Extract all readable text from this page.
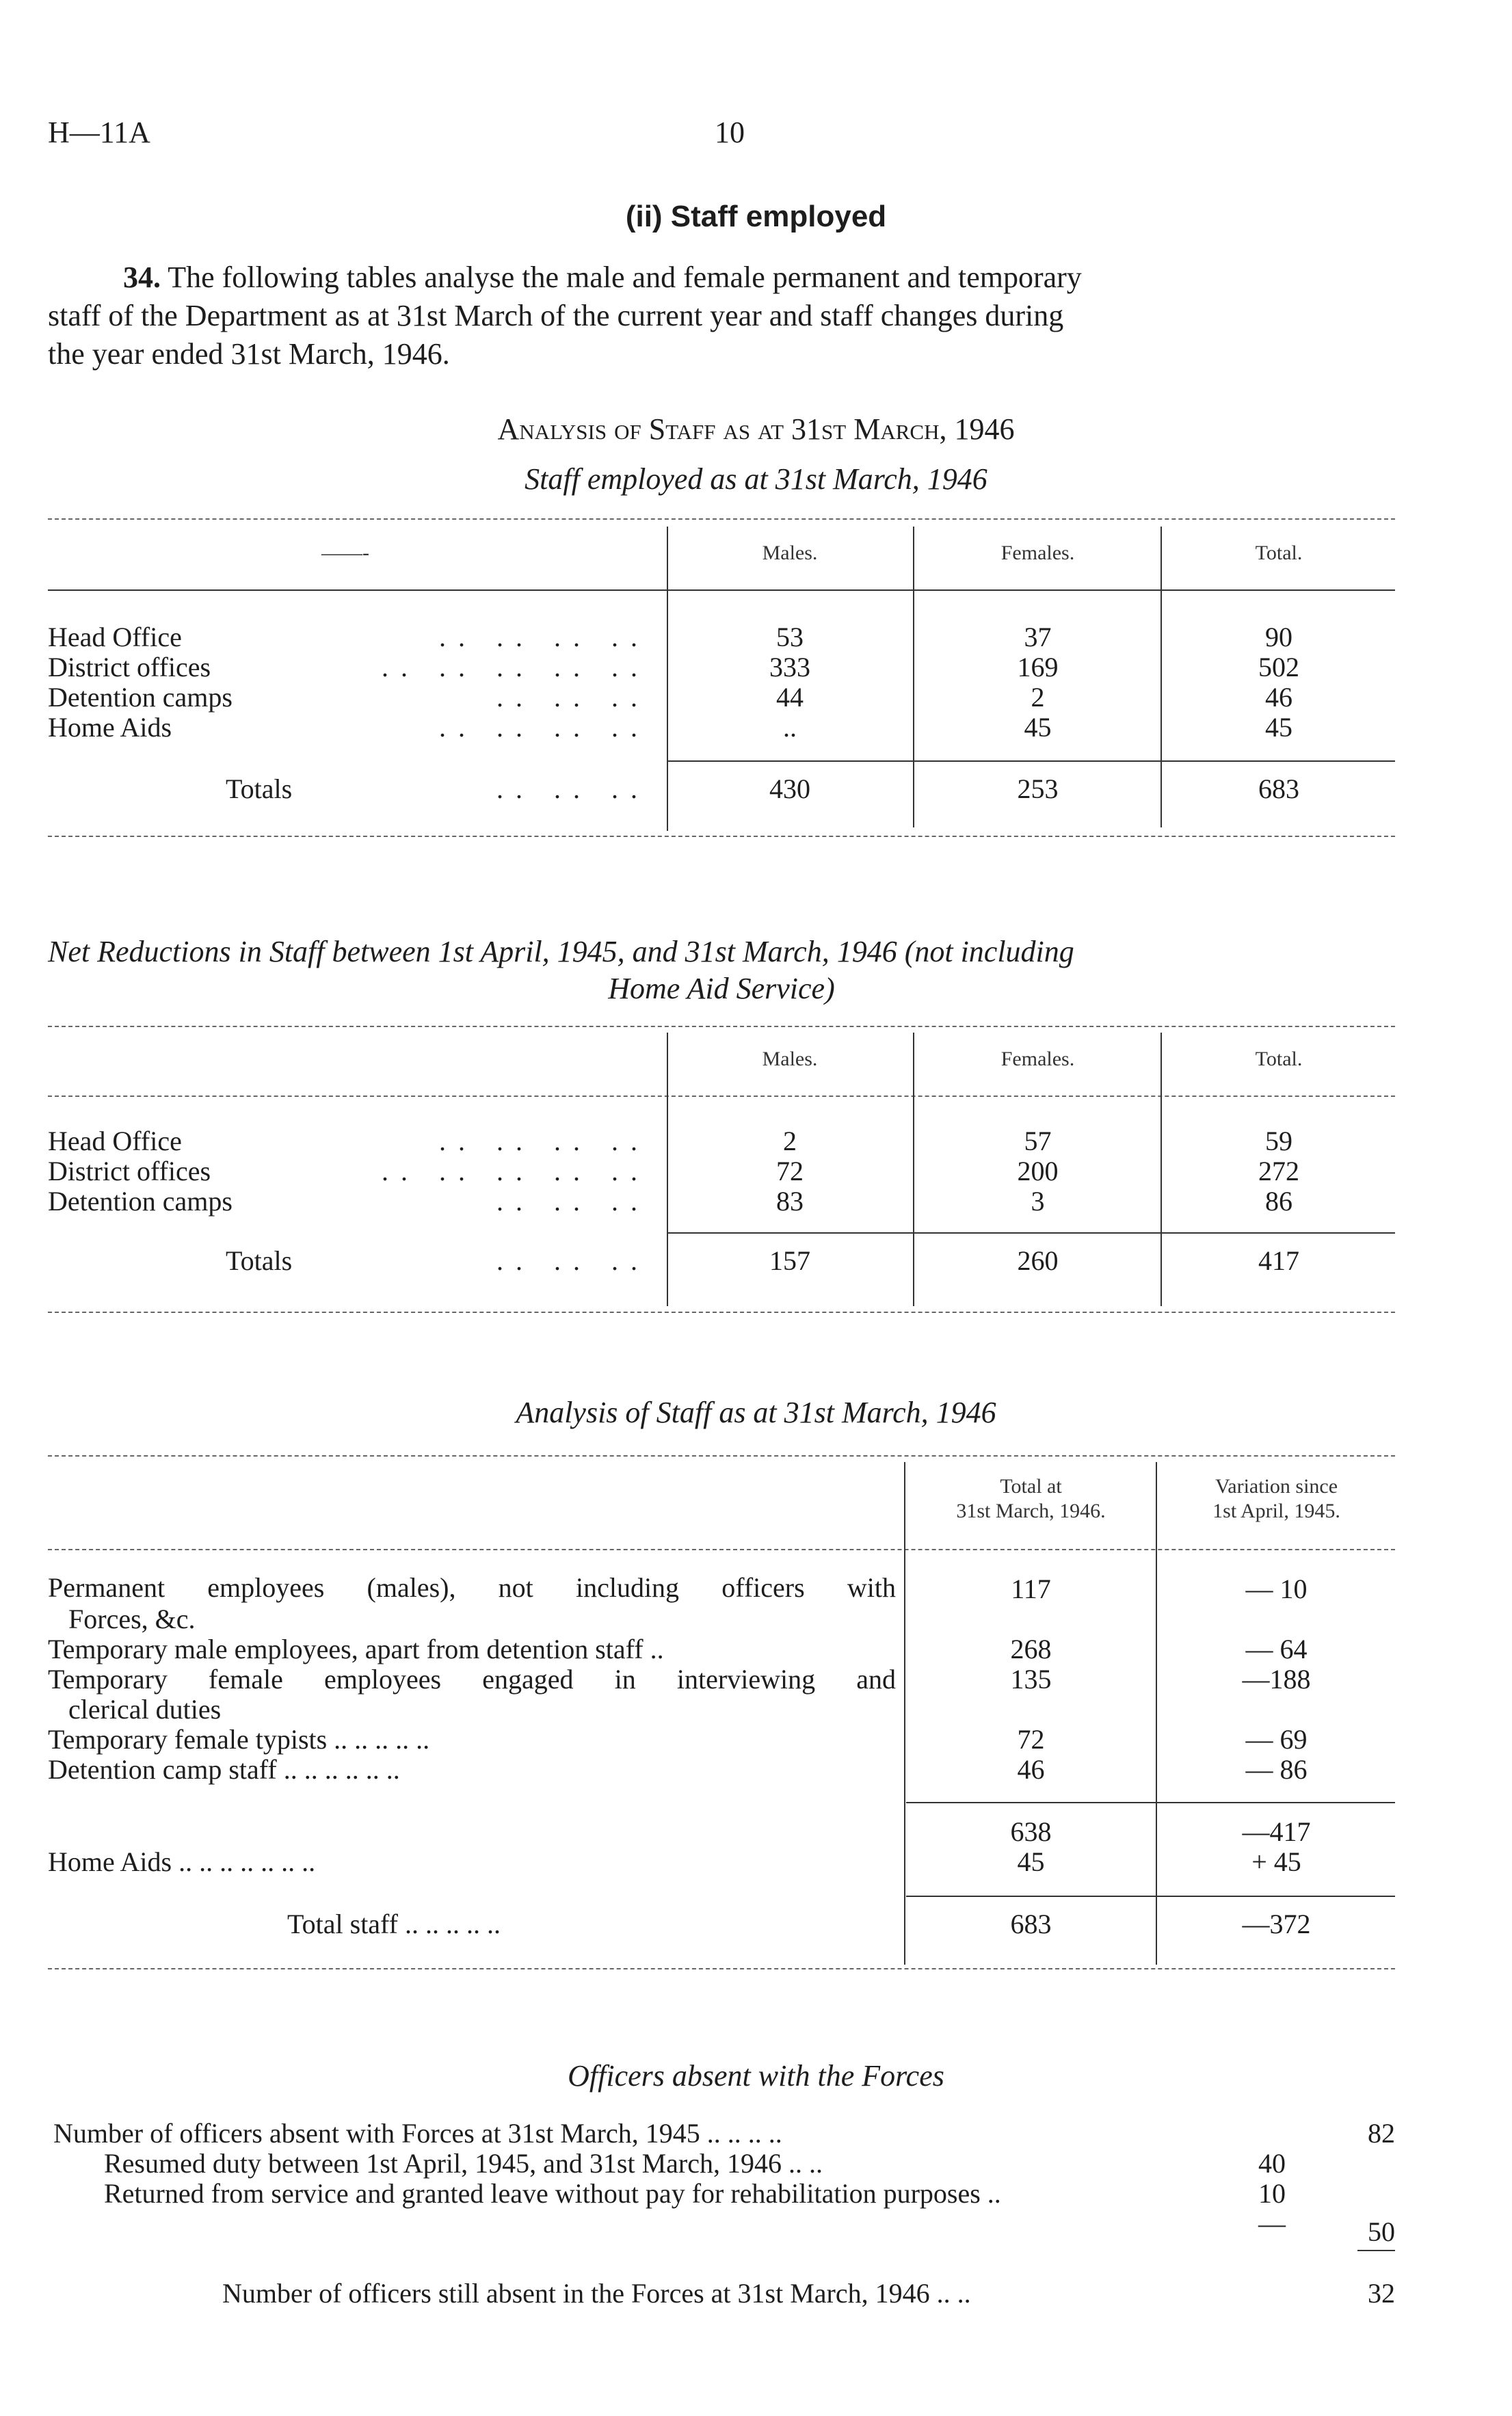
H—11A	10
(ii) Staff employed
34. The following tables analyse the male and female permanent and temporary
staff of the Department as at 31st March of the current year and staff changes during
the year ended 31st March, 1946.
Analysis of Staff as at 31st March, 1946
Staff employed as at 31st March, 1946
——-	Males.	Females.	Total.
Head Office	.. .. .. ..	53	37	90
District offices	.. .. .. .. ..	333	169	502
Detention camps	.. .. ..	44	2	46
Home Aids	.. .. .. ..	..	45	45
Totals	.. .. ..	430	253	683
Net Reductions in Staff between 1st April, 1945, and 31st March, 1946 (not including
Home Aid Service)
Males.	Females.	Total.
Head Office	.. .. .. ..	2	57	59
District offices	.. .. .. .. ..	72	200	272
Detention camps	.. .. ..	83	3	86
Totals	.. .. ..	157	260	417
Analysis of Staff as at 31st March, 1946
Total at
31st March, 1946.
Variation since
1st April, 1945.
Permanent employees (males), not including officers with
Forces, &c.
117	— 10
Temporary male employees, apart from detention staff ..	268	— 64
Temporary female employees engaged in interviewing and
clerical duties
135	—188
Temporary female typists .. .. .. .. ..	72	— 69
Detention camp staff .. .. .. .. .. ..	46	— 86
638	—417
Home Aids .. .. .. .. .. .. ..	45	+ 45
Total staff .. .. .. .. ..	683	—372
Officers absent with the Forces
Number of officers absent with Forces at 31st March, 1945 .. .. .. ..	82
Resumed duty between 1st April, 1945, and 31st March, 1946 .. ..	40
Returned from service and granted leave without pay for rehabilitation purposes ..	10
—	50
Number of officers still absent in the Forces at 31st March, 1946 .. ..	32
